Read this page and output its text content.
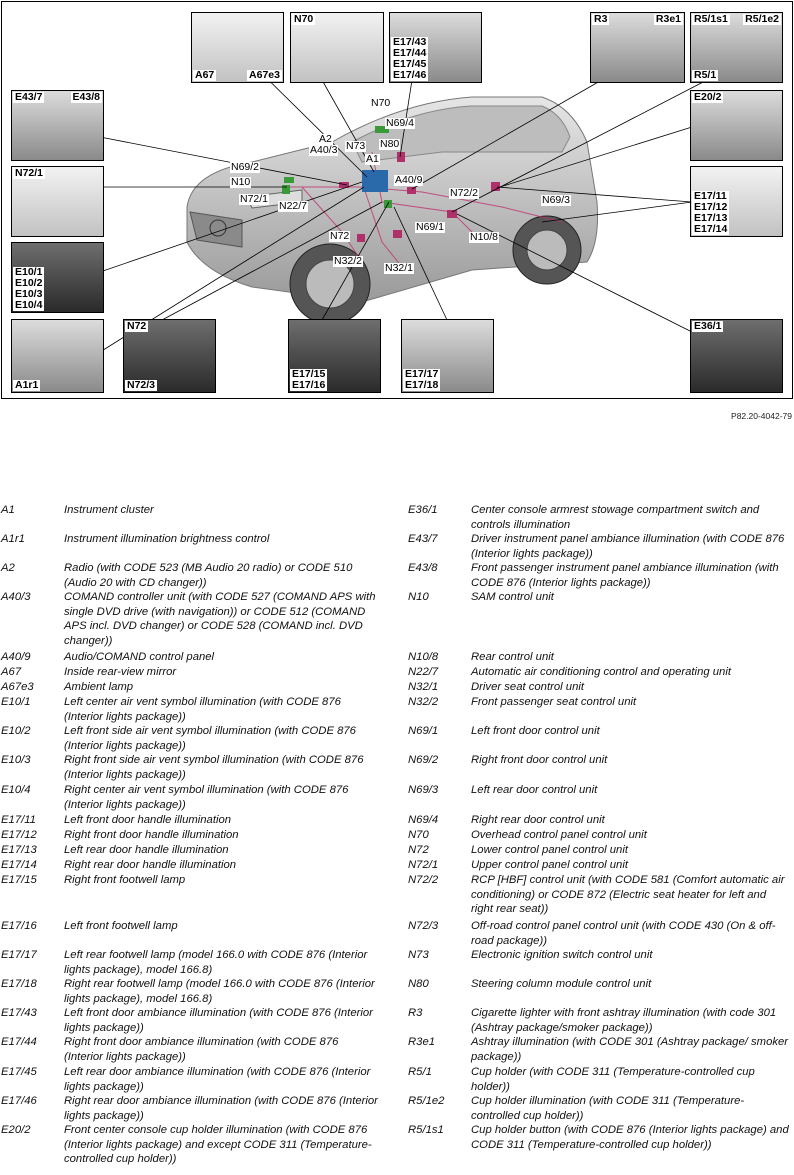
A67	A67e3
N70
E17/43
E17/44
E17/45
E17/46
R3	R3e1 R5/1s1 R5/1e2
R5/1
E43/7	E43/8	E20/2
N72/1
E17/11
E17/12
E17/13
E17/14
E10/1
E10/2
E10/3
E10/4
A1r1
N72
N72/3
E17/15
E17/16
E17/17
E17/18
E36/1
N70
N69/4
A2
A40/3 N73 N80
A1
N69/2
N10	A40/9
N72/1	N72/2
N69/3
N22/7
N69/1
N72	N10/8
N32/2
N32/1
P82.20-4042-79
A1	Instrument cluster
A1r1	Instrument illumination brightness control
A2	Radio (with CODE 523 (MB Audio 20 radio) or CODE 510 (Audio 20 with CD changer))
A40/3	COMAND controller unit (with CODE 527 (COMAND APS with single DVD drive (with navigation)) or CODE 512 (COMAND APS incl. DVD changer) or CODE 528 (COMAND incl. DVD changer))
A40/9	Audio/COMAND control panel
A67	Inside rear-view mirror
A67e3	Ambient lamp
E10/1	Left center air vent symbol illumination (with CODE 876 (Interior lights package))
E10/2	Left front side air vent symbol illumination (with CODE 876 (Interior lights package))
E10/3	Right front side air vent symbol illumination (with CODE 876 (Interior lights package))
E10/4	Right center air vent symbol illumination (with CODE 876 (Interior lights package))
E17/11	Left front door handle illumination
E17/12	Right front door handle illumination
E17/13	Left rear door handle illumination
E17/14	Right rear door handle illumination
E17/15	Right front footwell lamp
E17/16	Left front footwell lamp
E17/17	Left rear footwell lamp (model 166.0 with CODE 876 (Interior lights package), model 166.8)
E17/18	Right rear footwell lamp (model 166.0 with CODE 876 (Interior lights package), model 166.8)
E17/43	Left front door ambiance illumination (with CODE 876 (Interior lights package))
E17/44	Right front door ambiance illumination (with CODE 876 (Interior lights package))
E17/45	Left rear door ambiance illumination (with CODE 876 (Interior lights package))
E17/46	Right rear door ambiance illumination (with CODE 876 (Interior lights package))
E20/2	Front center console cup holder illumination (with CODE 876 (Interior lights package) and except CODE 311 (Temperature-controlled cup holder))
E36/1	Center console armrest stowage compartment switch and controls illumination
E43/7	Driver instrument panel ambiance illumination (with CODE 876 (Interior lights package))
E43/8	Front passenger instrument panel ambiance illumination (with CODE 876 (Interior lights package))
N10	SAM control unit
N10/8	Rear control unit
N22/7	Automatic air conditioning control and operating unit
N32/1	Driver seat control unit
N32/2	Front passenger seat control unit
N69/1	Left front door control unit
N69/2	Right front door control unit
N69/3	Left rear door control unit
N69/4	Right rear door control unit
N70	Overhead control panel control unit
N72	Lower control panel control unit
N72/1	Upper control panel control unit
N72/2	RCP [HBF] control unit (with CODE 581 (Comfort automatic air conditioning) or CODE 872 (Electric seat heater for left and right rear seat))
N72/3	Off-road control panel control unit (with CODE 430 (On & off-road package))
N73	Electronic ignition switch control unit
N80	Steering column module control unit
R3	Cigarette lighter with front ashtray illumination (with code 301 (Ashtray package/smoker package))
R3e1	Ashtray illumination (with CODE 301 (Ashtray package/ smoker package))
R5/1	Cup holder (with CODE 311 (Temperature-controlled cup holder))
R5/1e2	Cup holder illumination (with CODE 311 (Temperature-controlled cup holder))
R5/1s1	Cup holder button (with CODE 876 (Interior lights package) and CODE 311 (Temperature-controlled cup holder))
